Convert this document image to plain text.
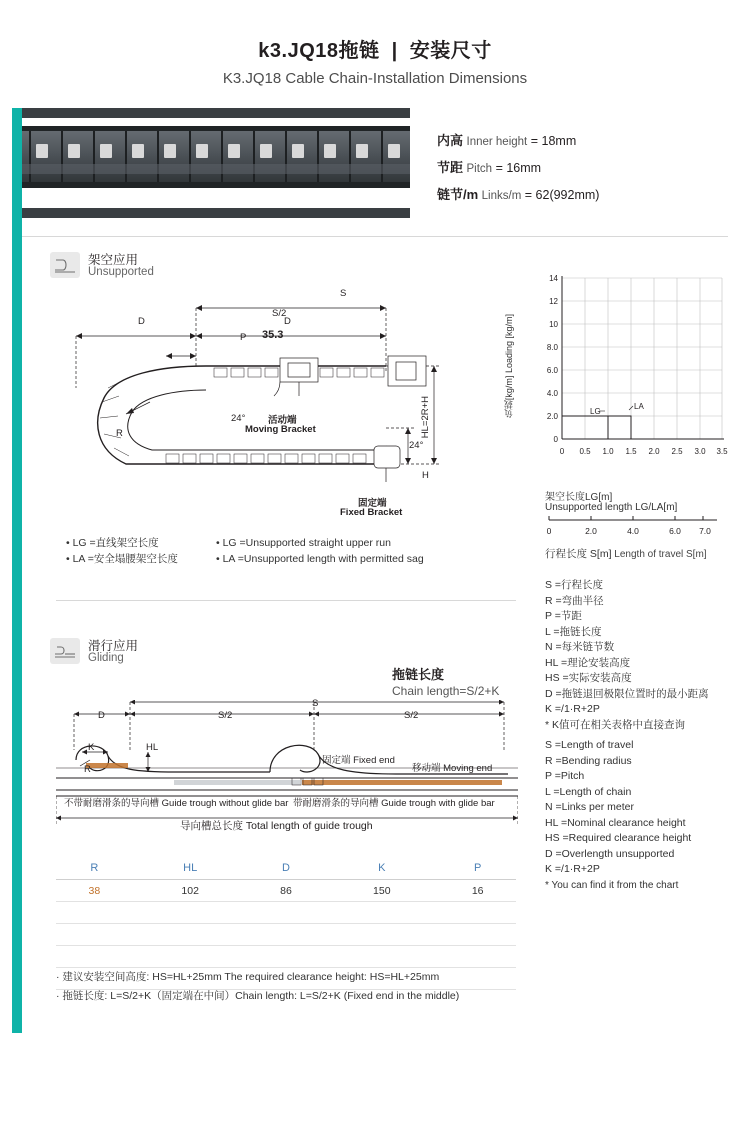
k3.JQ18拖链 | 安装尺寸
K3.JQ18 Cable Chain-Installation Dimensions
内高 Inner height = 18mm
节距 Pitch = 16mm
链节/m Links/m = 62(992mm)
架空应用
Unsupported
S
D
D
P 35.3
R
24°
24°
HL=2R+H
H
活动端
Moving Bracket
固定端
Fixed Bracket
S/2
• LG =直线架空长度	• LG =Unsupported straight upper run
• LA =安全塌腰架空长度	• LA =Unsupported length with permitted sag
滑行应用
Gliding
拖链长度
Chain length=S/2+K
D	S/2	S/2
S
K	HL
R
固定端 Fixed end
移动端 Moving end
不带耐磨滑条的导向槽 Guide trough without glide bar 带耐磨滑条的导向槽 Guide trough with glide bar
导向槽总长度 Total length of guide trough
R	HL	D	K	P
38	102	86	150	16

· 建议安装空间高度: HS=HL+25mm The required clearance height: HS=HL+25mm
· 拖链长度: L=S/2+K（固定端在中间）Chain length: L=S/2+K (Fixed end in the middle)
负载[kg/m] Loading [kg/m]
14
12
10
8.0
6.0
4.0
2.0
0
0 0.5 1.0 1.5 2.0 2.5 3.0 3.5
LG
LA
架空长度LG[m]
Unsupported length LG/LA[m]
0	2.0	4.0	6.0 7.0
行程长度 S[m] Length of travel S[m]
S =行程长度
R =弯曲半径
P =节距
L =拖链长度
N =每米链节数
HL =理论安装高度
HS =实际安装高度
D =拖链退回极限位置时的最小距离
K =/1·R+2P
* K值可在相关表格中直接查询
S =Length of travel
R =Bending radius
P =Pitch
L =Length of chain
N =Links per meter
HL =Nominal clearance height
HS =Required clearance height
D =Overlength unsupported
K =/1·R+2P
* You can find it from the chart
